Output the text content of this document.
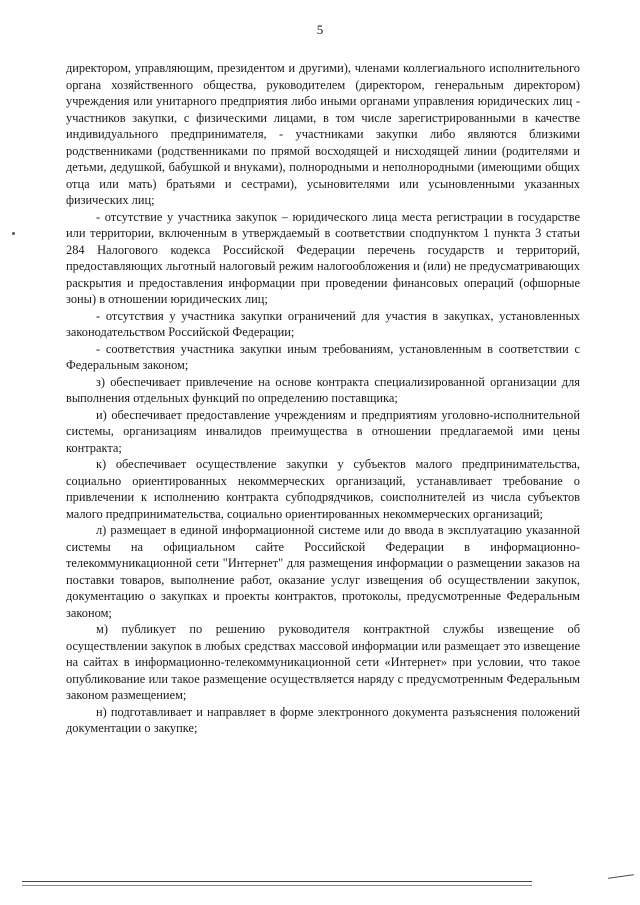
5

директором, управляющим, президентом и другими), членами коллегиального исполнительного органа хозяйственного общества, руководителем (директором, генеральным директором) учреждения или унитарного предприятия либо иными органами управления юридических лиц - участников закупки, с физическими лицами, в том числе зарегистрированными в качестве индивидуального предпринимателя, - участниками закупки либо являются близкими родственниками (родственниками по прямой восходящей и нисходящей линии (родителями и детьми, дедушкой, бабушкой и внуками), полнородными и неполнородными (имеющими общих отца или мать) братьями и сестрами), усыновителями или усыновленными указанных физических лиц;

- отсутствие у участника закупок – юридического лица места регистрации в государстве или территории, включенным в утверждаемый в соответствии сподпунктом 1 пункта 3 статьи 284 Налогового кодекса Российской Федерации перечень государств и территорий, предоставляющих льготный налоговый режим налогообложения и (или) не предусматривающих раскрытия и предоставления информации при проведении финансовых операций (офшорные зоны) в отношении юридических лиц;

- отсутствия у участника закупки ограничений для участия в закупках, установленных законодательством Российской Федерации;

- соответствия участника закупки иным требованиям, установленным в соответствии с Федеральным законом;

з) обеспечивает привлечение на основе контракта специализированной организации для выполнения отдельных функций по определению поставщика;

и) обеспечивает предоставление учреждениям и предприятиям уголовно-исполнительной системы, организациям инвалидов преимущества в отношении предлагаемой ими цены контракта;

к) обеспечивает осуществление закупки у субъектов малого предпринимательства, социально ориентированных некоммерческих организаций, устанавливает требование о привлечении к исполнению контракта субподрядчиков, соисполнителей из числа субъектов малого предпринимательства, социально ориентированных некоммерческих организаций;

л) размещает в единой информационной системе или до ввода в эксплуатацию указанной системы на официальном сайте Российской Федерации в информационно-телекоммуникационной сети "Интернет" для размещения информации о размещении заказов на поставки товаров, выполнение работ, оказание услуг извещения об осуществлении закупок, документацию о закупках и проекты контрактов, протоколы, предусмотренные Федеральным законом;

м) публикует по решению руководителя контрактной службы извещение об осуществлении закупок в любых средствах массовой информации или размещает это извещение на сайтах в информационно-телекоммуникационной сети «Интернет» при условии, что такое опубликование или такое размещение осуществляется наряду с предусмотренным Федеральным законом размещением;

н) подготавливает и направляет в форме электронного документа разъяснения положений документации о закупке;
